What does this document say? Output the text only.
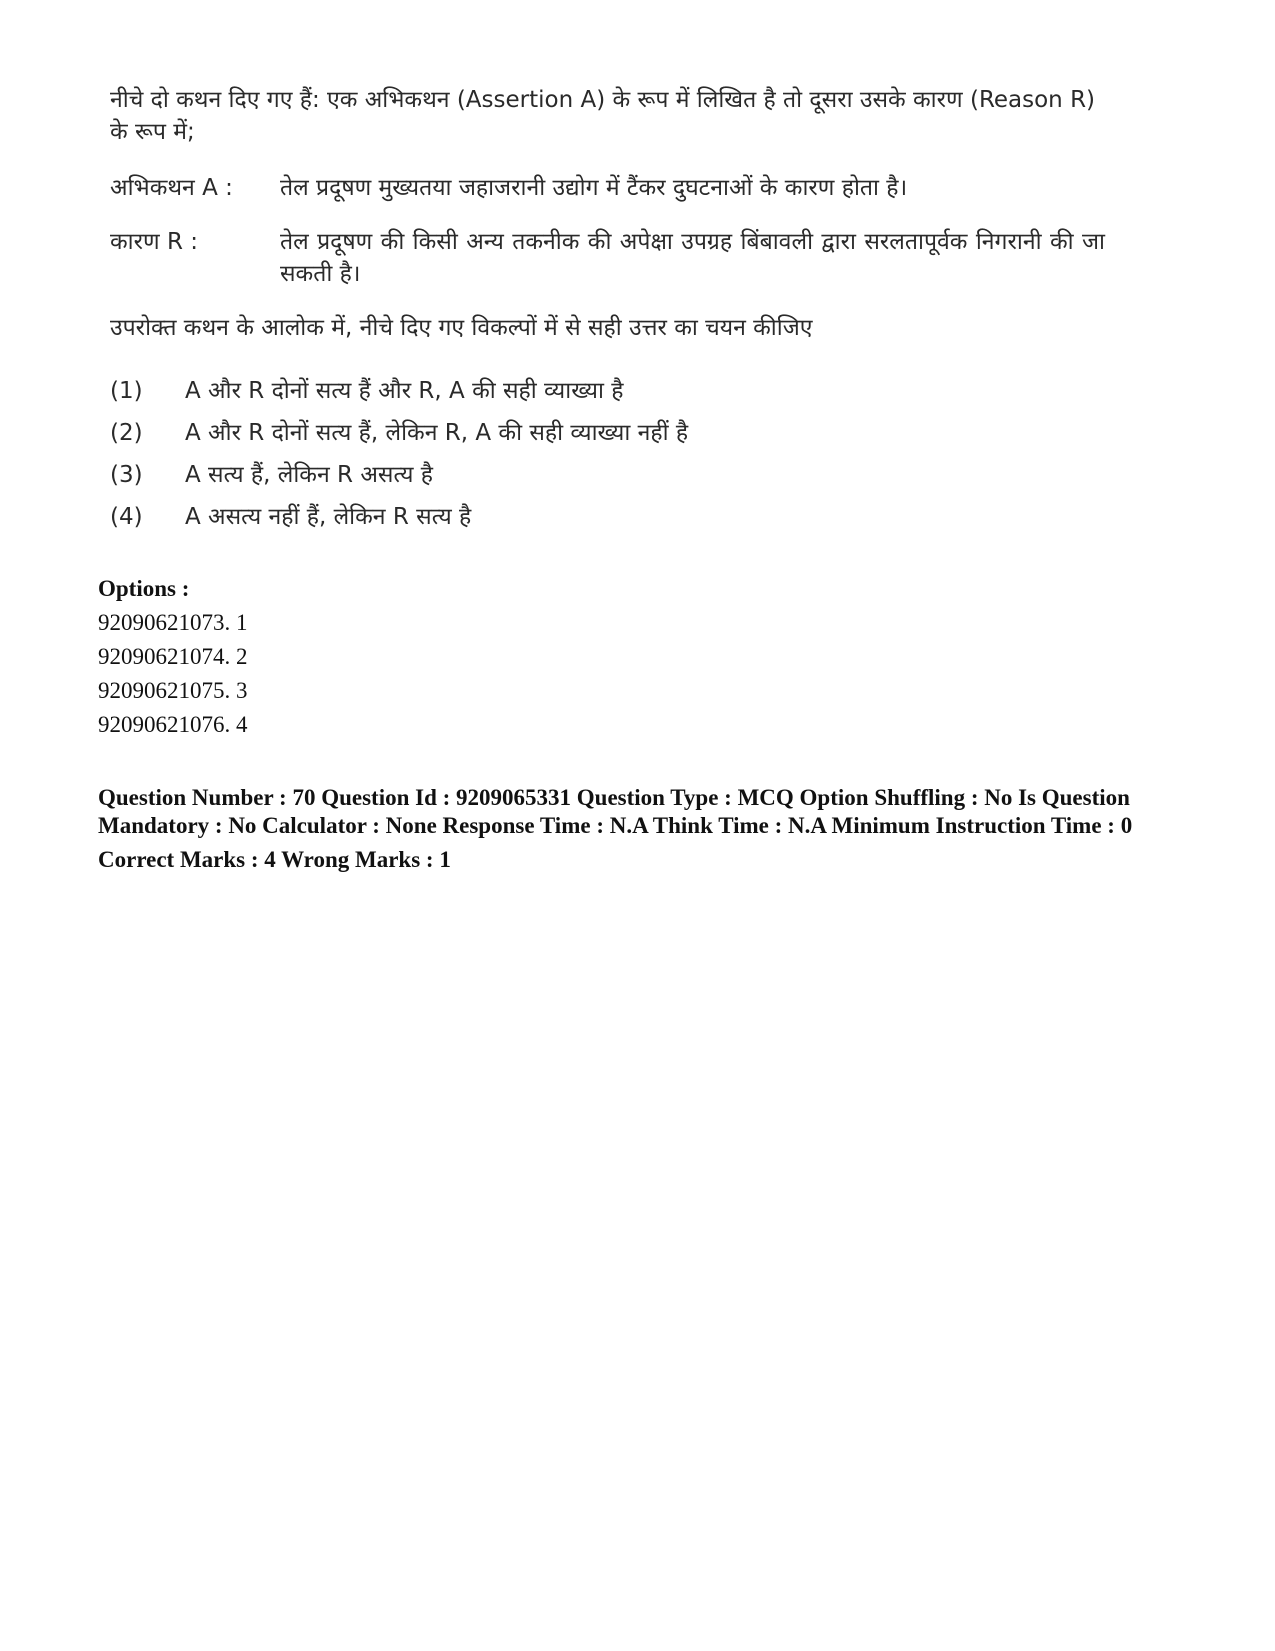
नीचे दो कथन दिए गए हैं: एक अभिकथन (Assertion A) के रूप में लिखित है तो दूसरा उसके कारण (Reason R) के रूप में;

अभिकथन A :	तेल प्रदूषण मुख्यतया जहाजरानी उद्योग में टैंकर दुघटनाओं के कारण होता है।
कारण R :	तेल प्रदूषण की किसी अन्य तकनीक की अपेक्षा उपग्रह बिंबावली द्वारा सरलतापूर्वक निगरानी की जा सकती है।

उपरोक्त कथन के आलोक में, नीचे दिए गए विकल्पों में से सही उत्तर का चयन कीजिए

(1)	A और R दोनों सत्य हैं और R, A की सही व्याख्या है
(2)	A और R दोनों सत्य हैं, लेकिन R, A की सही व्याख्या नहीं है
(3)	A सत्य हैं, लेकिन R असत्य है
(4)	A असत्य नहीं हैं, लेकिन R सत्य है
Options :
92090621073. 1
92090621074. 2
92090621075. 3
92090621076. 4
Question Number : 70 Question Id : 9209065331 Question Type : MCQ Option Shuffling : No Is Question Mandatory : No Calculator : None Response Time : N.A Think Time : N.A Minimum Instruction Time : 0
Correct Marks : 4 Wrong Marks : 1
